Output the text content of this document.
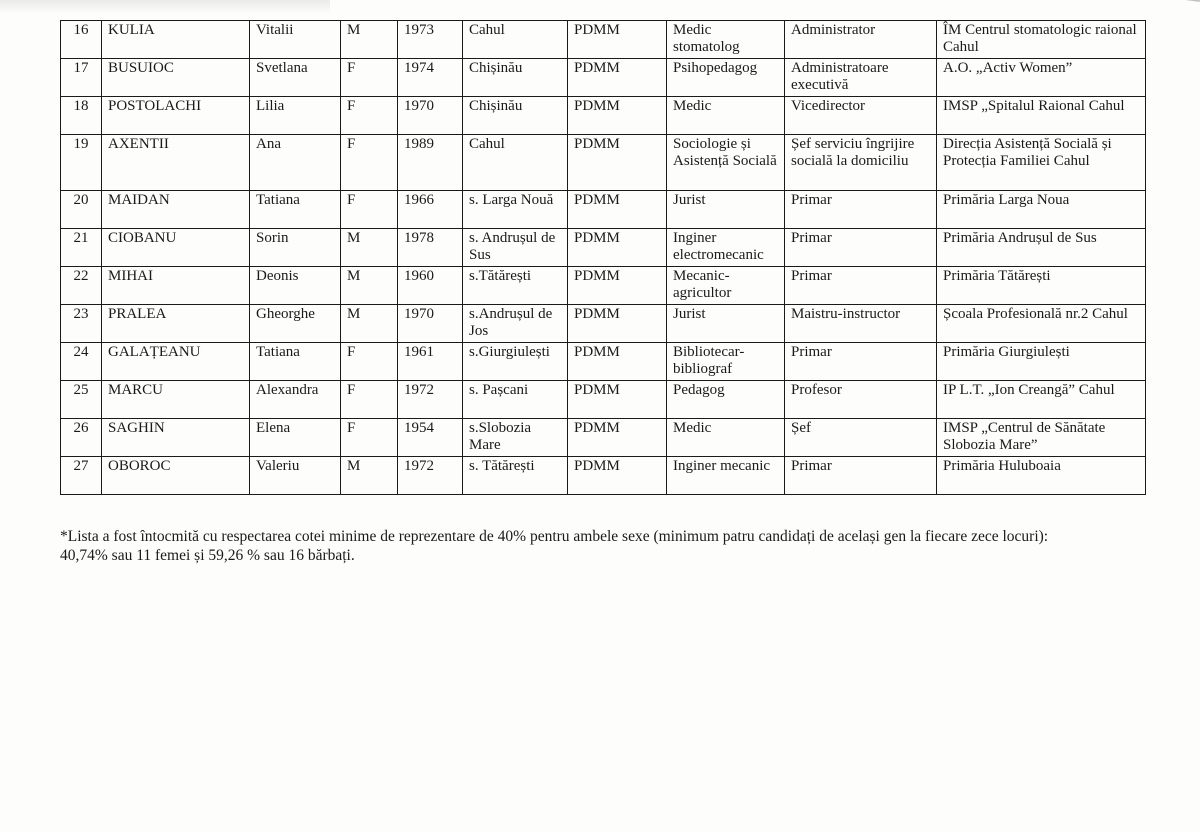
16	KULIA	Vitalii	M	1973	Cahul	PDMM	Medic stomatolog	Administrator	ÎM Centrul stomatologic raional Cahul
17	BUSUIOC	Svetlana	F	1974	Chișinău	PDMM	Psihopedagog	Administratoare executivă	A.O. „Activ Women”
18	POSTOLACHI	Lilia	F	1970	Chișinău	PDMM	Medic	Vicedirector	IMSP „Spitalul Raional Cahul
19	AXENTII	Ana	F	1989	Cahul	PDMM	Sociologie și Asistență Socială	Șef serviciu îngrijire socială la domiciliu	Direcția Asistență Socială și Protecția Familiei Cahul
20	MAIDAN	Tatiana	F	1966	s. Larga Nouă	PDMM	Jurist	Primar	Primăria Larga Noua
21	CIOBANU	Sorin	M	1978	s. Andrușul de Sus	PDMM	Inginer electromecanic	Primar	Primăria Andrușul de Sus
22	MIHAI	Deonis	M	1960	s.Tătărești	PDMM	Mecanic-agricultor	Primar	Primăria Tătărești
23	PRALEA	Gheorghe	M	1970	s.Andrușul de Jos	PDMM	Jurist	Maistru-instructor	Școala Profesională nr.2 Cahul
24	GALAȚEANU	Tatiana	F	1961	s.Giurgiulești	PDMM	Bibliotecar-bibliograf	Primar	Primăria Giurgiulești
25	MARCU	Alexandra	F	1972	s. Pașcani	PDMM	Pedagog	Profesor	IP L.T. „Ion Creangă” Cahul
26	SAGHIN	Elena	F	1954	s.Slobozia Mare	PDMM	Medic	Șef	IMSP „Centrul de Sănătate Slobozia Mare”
27	OBOROC	Valeriu	M	1972	s. Tătărești	PDMM	Inginer mecanic	Primar	Primăria Huluboaia

*Lista a fost întocmită cu respectarea cotei minime de reprezentare de 40% pentru ambele sexe (minimum patru candidați de același gen la fiecare zece locuri):

40,74% sau 11 femei și 59,26 % sau 16 bărbați.
